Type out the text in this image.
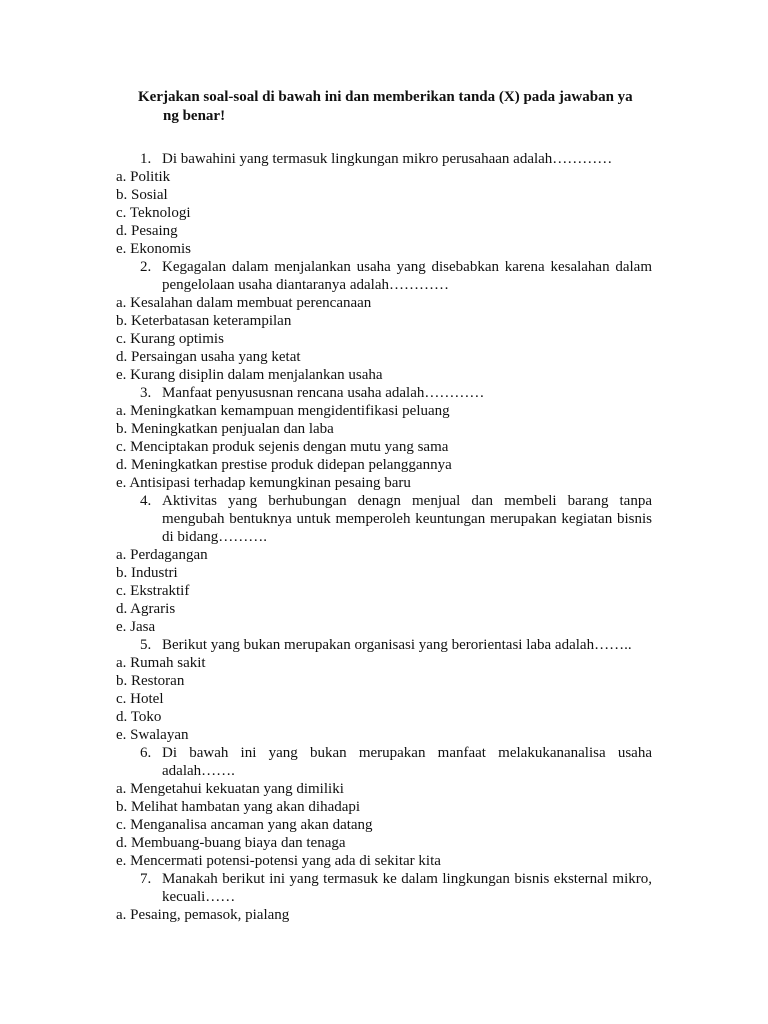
Kerjakan soal-soal di bawah ini dan memberikan tanda (X) pada jawaban ya
ng benar!
1. Di bawahini yang termasuk lingkungan mikro perusahaan adalah…………
a. Politik
b. Sosial
c. Teknologi
d. Pesaing
e. Ekonomis
2. Kegagalan dalam menjalankan usaha yang disebabkan karena kesalahan dalam pengelolaan usaha diantaranya adalah…………
a. Kesalahan dalam membuat perencanaan
b. Keterbatasan keterampilan
c. Kurang optimis
d. Persaingan usaha yang ketat
e. Kurang disiplin dalam menjalankan usaha
3. Manfaat penyususnan rencana usaha adalah…………
a. Meningkatkan kemampuan mengidentifikasi peluang
b. Meningkatkan penjualan dan laba
c. Menciptakan produk sejenis dengan mutu yang sama
d. Meningkatkan prestise produk didepan pelanggannya
e. Antisipasi terhadap kemungkinan pesaing baru
4. Aktivitas yang berhubungan denagn menjual dan membeli barang tanpa mengubah bentuknya untuk memperoleh keuntungan merupakan kegiatan bisnis di bidang……….
a. Perdagangan
b. Industri
c. Ekstraktif
d. Agraris
e. Jasa
5. Berikut yang bukan merupakan organisasi yang berorientasi laba adalah……..
a. Rumah sakit
b. Restoran
c. Hotel
d. Toko
e. Swalayan
6. Di bawah ini yang bukan merupakan manfaat melakukananalisa usaha adalah…….
a. Mengetahui kekuatan yang dimiliki
b. Melihat hambatan yang akan dihadapi
c. Menganalisa ancaman yang akan datang
d. Membuang-buang biaya dan tenaga
e. Mencermati potensi-potensi yang ada di sekitar kita
7. Manakah berikut ini yang termasuk ke dalam lingkungan bisnis eksternal mikro, kecuali……
a. Pesaing, pemasok, pialang
